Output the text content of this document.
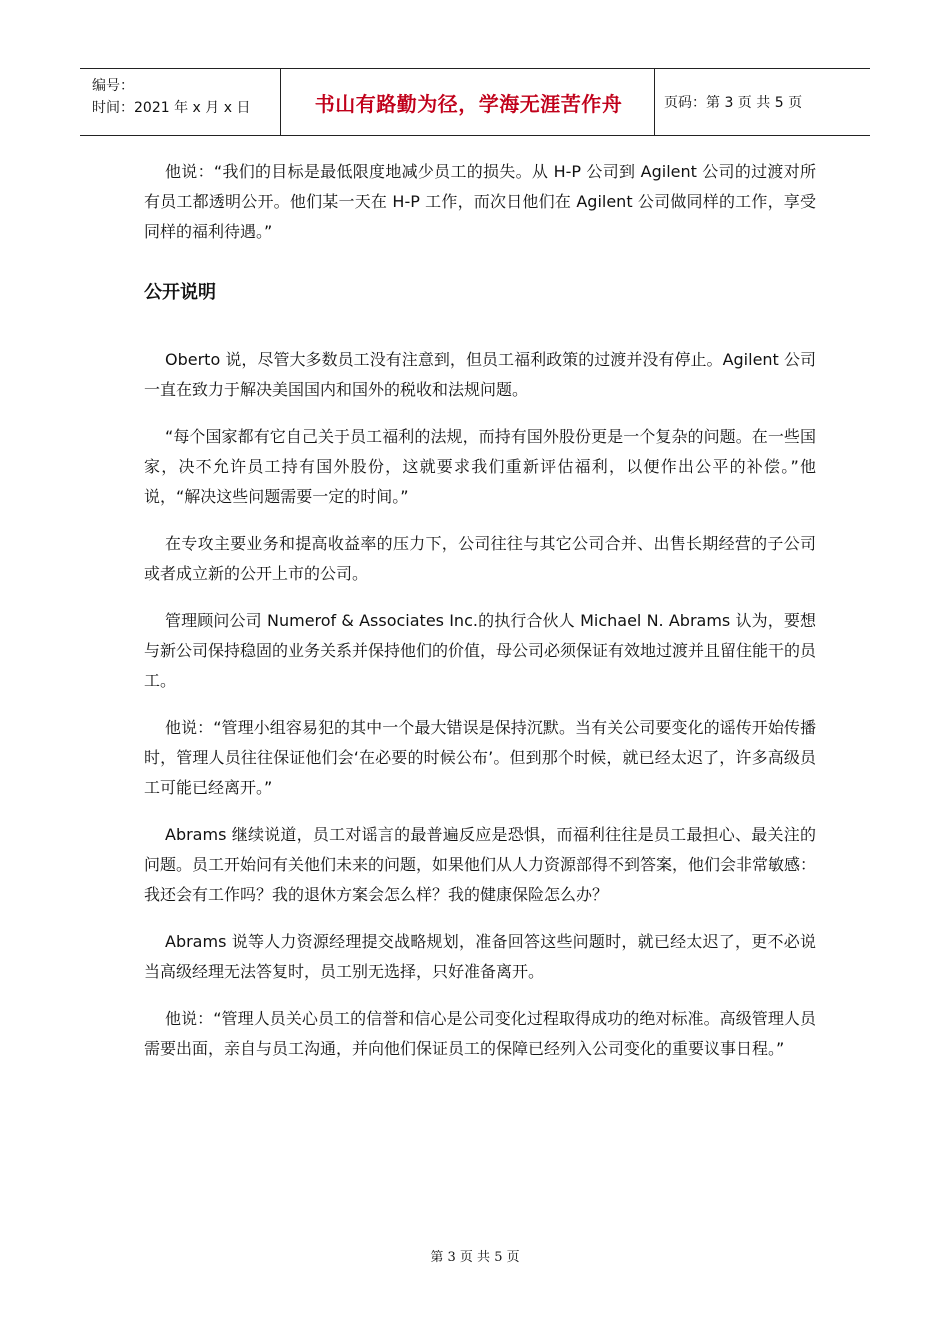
编号：
时间：2021 年 x 月 x 日	书山有路勤为径，学海无涯苦作舟	页码：第 3 页 共 5 页

他说：“我们的目标是最低限度地减少员工的损失。从 H-P 公司到 Agilent 公司的过渡对所有员工都透明公开。他们某一天在 H-P 工作，而次日他们在 Agilent 公司做同样的工作，享受同样的福利待遇。”

公开说明

Oberto 说，尽管大多数员工没有注意到，但员工福利政策的过渡并没有停止。Agilent 公司一直在致力于解决美国国内和国外的税收和法规问题。

“每个国家都有它自己关于员工福利的法规，而持有国外股份更是一个复杂的问题。在一些国家，决不允许员工持有国外股份，这就要求我们重新评估福利，以便作出公平的补偿。”他说，“解决这些问题需要一定的时间。”

在专攻主要业务和提高收益率的压力下，公司往往与其它公司合并、出售长期经营的子公司或者成立新的公开上市的公司。

管理顾问公司 Numerof & Associates Inc.的执行合伙人 Michael N. Abrams 认为，要想与新公司保持稳固的业务关系并保持他们的价值，母公司必须保证有效地过渡并且留住能干的员工。

他说：“管理小组容易犯的其中一个最大错误是保持沉默。当有关公司要变化的谣传开始传播时，管理人员往往保证他们会‘在必要的时候公布’。但到那个时候，就已经太迟了，许多高级员工可能已经离开。”

Abrams 继续说道，员工对谣言的最普遍反应是恐惧，而福利往往是员工最担心、最关注的问题。员工开始问有关他们未来的问题，如果他们从人力资源部得不到答案，他们会非常敏感：我还会有工作吗？我的退休方案会怎么样？我的健康保险怎么办？

Abrams 说等人力资源经理提交战略规划，准备回答这些问题时，就已经太迟了，更不必说当高级经理无法答复时，员工别无选择，只好准备离开。

他说：“管理人员关心员工的信誉和信心是公司变化过程取得成功的绝对标准。高级管理人员需要出面，亲自与员工沟通，并向他们保证员工的保障已经列入公司变化的重要议事日程。”

第 3 页 共 5 页
